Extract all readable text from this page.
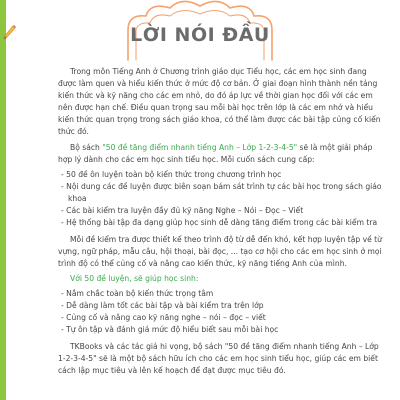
LỜI NÓI ĐẦU

Trong môn Tiếng Anh ở Chương trình giáo dục Tiểu học, các em học sinh đang được làm quen và hiểu kiến thức ở mức độ cơ bản. Ở giai đoạn hình thành nền tảng kiến thức và kỹ năng cho các em nhỏ, do đó áp lực về thời gian học đối với các em nên được hạn chế. Điều quan trọng sau mỗi bài học trên lớp là các em nhớ và hiểu kiến thức quan trọng trong sách giáo khoa, có thể làm được các bài tập củng cố kiến thức đó.

Bộ sách "50 đề tăng điểm nhanh tiếng Anh – Lớp 1-2-3-4-5" sẽ là một giải pháp hợp lý dành cho các em học sinh tiểu học. Mỗi cuốn sách cung cấp:

- 50 đề ôn luyện toàn bộ kiến thức trong chương trình học
- Nội dung các đề luyện được biên soạn bám sát trình tự các bài học trong sách giáo khoa
- Các bài kiểm tra luyện đầy đủ kỹ năng Nghe – Nói – Đọc – Viết
- Hệ thống bài tập đa dạng giúp học sinh dễ dàng tăng điểm trong các bài kiểm tra

Mỗi đề kiểm tra được thiết kế theo trình độ từ dễ đến khó, kết hợp luyện tập về từ vựng, ngữ pháp, mẫu câu, hội thoại, bài đọc, ... tạo cơ hội cho các em học sinh ở mọi trình độ có thể củng cố và nâng cao kiến thức, kỹ năng tiếng Anh của mình.

Với 50 đề luyện, sẽ giúp học sinh:

- Nắm chắc toàn bộ kiến thức trọng tâm
- Dễ dàng làm tốt các bài tập và bài kiểm tra trên lớp
- Củng cố và nâng cao kỹ năng nghe – nói – đọc – viết
- Tự ôn tập và đánh giá mức độ hiểu biết sau mỗi bài học

TKBooks và các tác giả hi vọng, bộ sách "50 đề tăng điểm nhanh tiếng Anh – Lớp 1-2-3-4-5" sẽ là một bộ sách hữu ích cho các em học sinh tiểu học, giúp các em biết cách lập mục tiêu và lên kế hoạch để đạt được mục tiêu đó.
